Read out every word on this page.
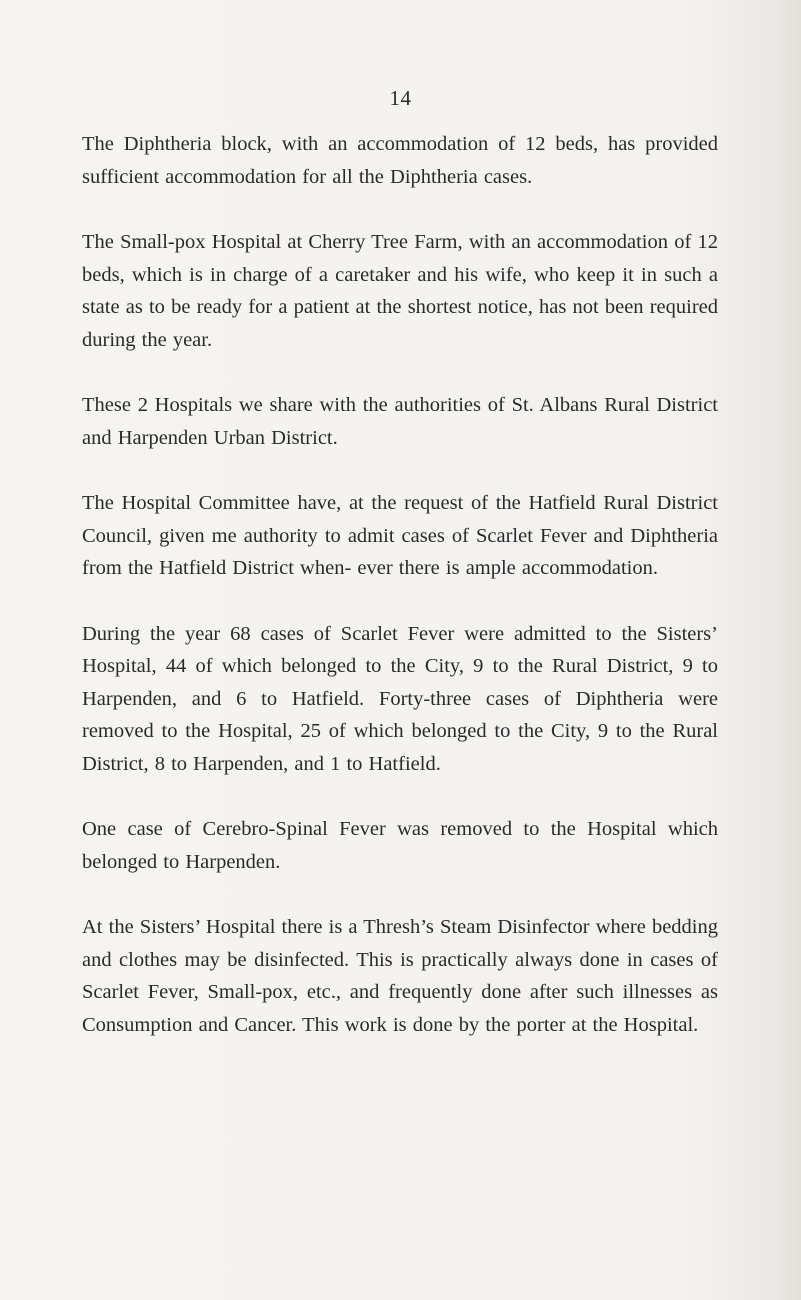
14

The Diphtheria block, with an accommodation of 12 beds, has provided sufficient accommodation for all the Diphtheria cases.

The Small-pox Hospital at Cherry Tree Farm, with an accommodation of 12 beds, which is in charge of a caretaker and his wife, who keep it in such a state as to be ready for a patient at the shortest notice, has not been required during the year.

These 2 Hospitals we share with the authorities of St. Albans Rural District and Harpenden Urban District.

The Hospital Committee have, at the request of the Hatfield Rural District Council, given me authority to admit cases of Scarlet Fever and Diphtheria from the Hatfield District when- ever there is ample accommodation.

During the year 68 cases of Scarlet Fever were admitted to the Sisters’ Hospital, 44 of which belonged to the City, 9 to the Rural District, 9 to Harpenden, and 6 to Hatfield. Forty-three cases of Diphtheria were removed to the Hospital, 25 of which belonged to the City, 9 to the Rural District, 8 to Harpenden, and 1 to Hatfield.

One case of Cerebro-Spinal Fever was removed to the Hospital which belonged to Harpenden.

At the Sisters’ Hospital there is a Thresh’s Steam Disinfector where bedding and clothes may be disinfected. This is practically always done in cases of Scarlet Fever, Small-pox, etc., and frequently done after such illnesses as Consumption and Cancer. This work is done by the porter at the Hospital.
